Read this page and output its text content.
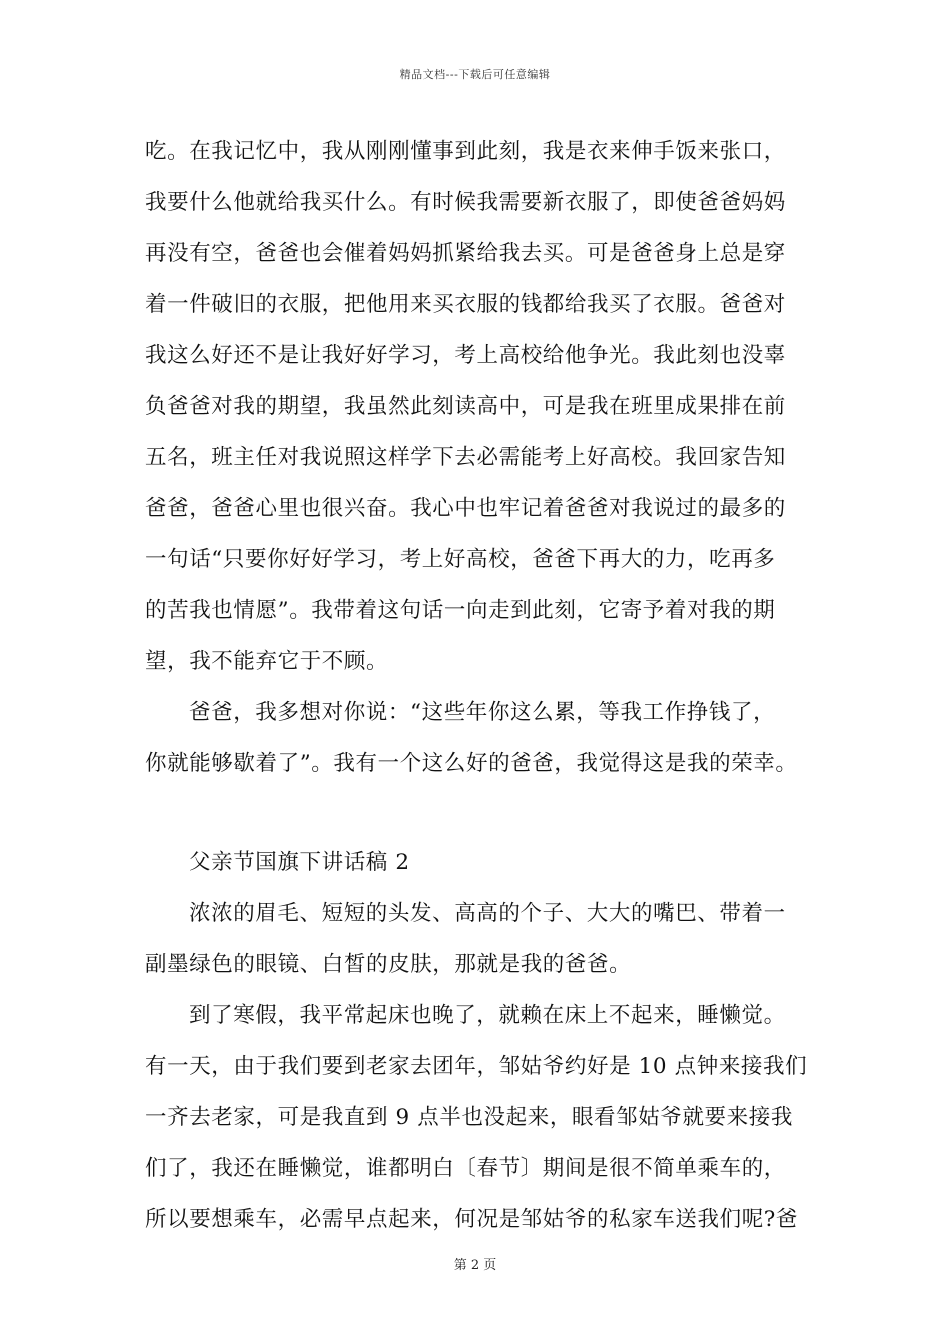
精品文档---下载后可任意编辑
吃。在我记忆中，我从刚刚懂事到此刻，我是衣来伸手饭来张口，
我要什么他就给我买什么。有时候我需要新衣服了，即使爸爸妈妈
再没有空，爸爸也会催着妈妈抓紧给我去买。可是爸爸身上总是穿
着一件破旧的衣服，把他用来买衣服的钱都给我买了衣服。爸爸对
我这么好还不是让我好好学习，考上高校给他争光。我此刻也没辜
负爸爸对我的期望，我虽然此刻读高中，可是我在班里成果排在前
五名，班主任对我说照这样学下去必需能考上好高校。我回家告知
爸爸，爸爸心里也很兴奋。我心中也牢记着爸爸对我说过的最多的
一句话“只要你好好学习，考上好高校，爸爸下再大的力，吃再多
的苦我也情愿”。我带着这句话一向走到此刻，它寄予着对我的期
望，我不能弃它于不顾。
爸爸，我多想对你说：“这些年你这么累，等我工作挣钱了，
你就能够歇着了”。我有一个这么好的爸爸，我觉得这是我的荣幸。
父亲节国旗下讲话稿 2
浓浓的眉毛、短短的头发、高高的个子、大大的嘴巴、带着一
副墨绿色的眼镜、白皙的皮肤，那就是我的爸爸。
到了寒假，我平常起床也晚了，就赖在床上不起来，睡懒觉。
有一天，由于我们要到老家去团年，邹姑爷约好是 10 点钟来接我们
一齐去老家，可是我直到 9 点半也没起来，眼看邹姑爷就要来接我
们了，我还在睡懒觉，谁都明白〔春节〕期间是很不简单乘车的，
所以要想乘车，必需早点起来，何况是邹姑爷的私家车送我们呢?爸
第 2 页
